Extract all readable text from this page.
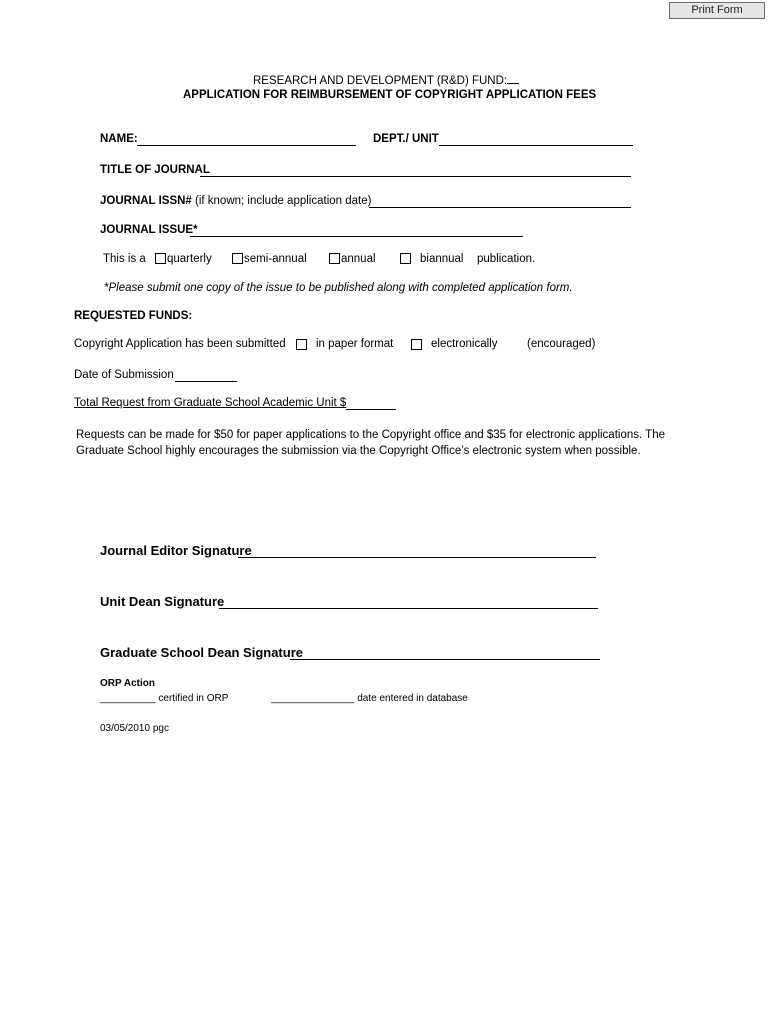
Print Form
RESEARCH AND DEVELOPMENT (R&D) FUND:
APPLICATION FOR REIMBURSEMENT OF COPYRIGHT APPLICATION FEES
NAME:	DEPT./ UNIT
TITLE OF JOURNAL
JOURNAL ISSN# (if known; include application date)
JOURNAL ISSUE*
This is a quarterly	semi-annual	annual	biannual publication.
*Please submit one copy of the issue to be published along with completed application form.
REQUESTED FUNDS:
Copyright Application has been submitted	in paper format	electronically	(encouraged)
Date of Submission
Total Request from Graduate School Academic Unit $
Requests can be made for $50 for paper applications to the Copyright office and $35 for electronic applications. The Graduate School highly encourages the submission via the Copyright Office’s electronic system when possible.
Journal Editor Signature
Unit Dean Signature
Graduate School Dean Signature
ORP Action
__________ certified in ORP	_______________ date entered in database
03/05/2010 pgc
